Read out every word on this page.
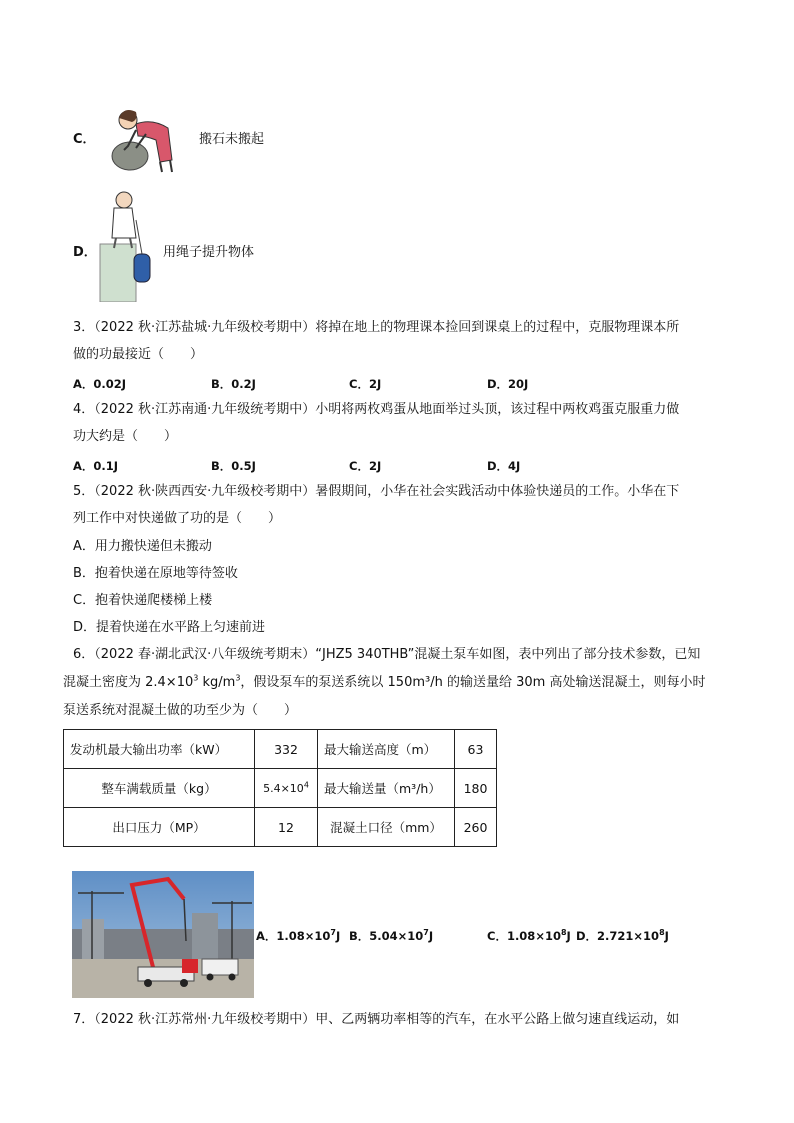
C．	搬石未搬起
D．	用绳子提升物体
3．（2022 秋·江苏盐城·九年级校考期中）将掉在地上的物理课本捡回到课桌上的过程中，克服物理课本所
做的功最接近（　　）
A．0.02J	B．0.2J	C．2J	D．20J
4．（2022 秋·江苏南通·九年级统考期中）小明将两枚鸡蛋从地面举过头顶，该过程中两枚鸡蛋克服重力做
功大约是（　　）
A．0.1J	B．0.5J	C．2J	D．4J
5．（2022 秋·陕西西安·九年级校考期中）暑假期间，小华在社会实践活动中体验快递员的工作。小华在下
列工作中对快递做了功的是（　　）
A．用力搬快递但未搬动
B．抱着快递在原地等待签收
C．抱着快递爬楼梯上楼
D．提着快递在水平路上匀速前进
6．（2022 春·湖北武汉·八年级统考期末）“JHZ5 340THB”混凝土泵车如图，表中列出了部分技术参数，已知
混凝土密度为 $2.4\times 10^3$ $kg/m^3$，假设泵车的泵送系统以 150m³/h 的输送量给 30m 高处输送混凝土，则每小时
泵送系统对混凝土做的功至少为（　　）
发动机最大输出功率（kW）	332	最大输送高度（m）	63
整车满载质量（kg）	$5.4\times 10^4$	最大输送量（m³/h）	180
出口压力（MP）	12	混凝土口径（mm）	260
A．$1.08\times 10^7J$ B．$5.04\times 10^7J$	C．$1.08\times 10^8J$ D．$2.721\times 10^8J$
7．（2022 秋·江苏常州·九年级校考期中）甲、乙两辆功率相等的汽车，在水平公路上做匀速直线运动，如
